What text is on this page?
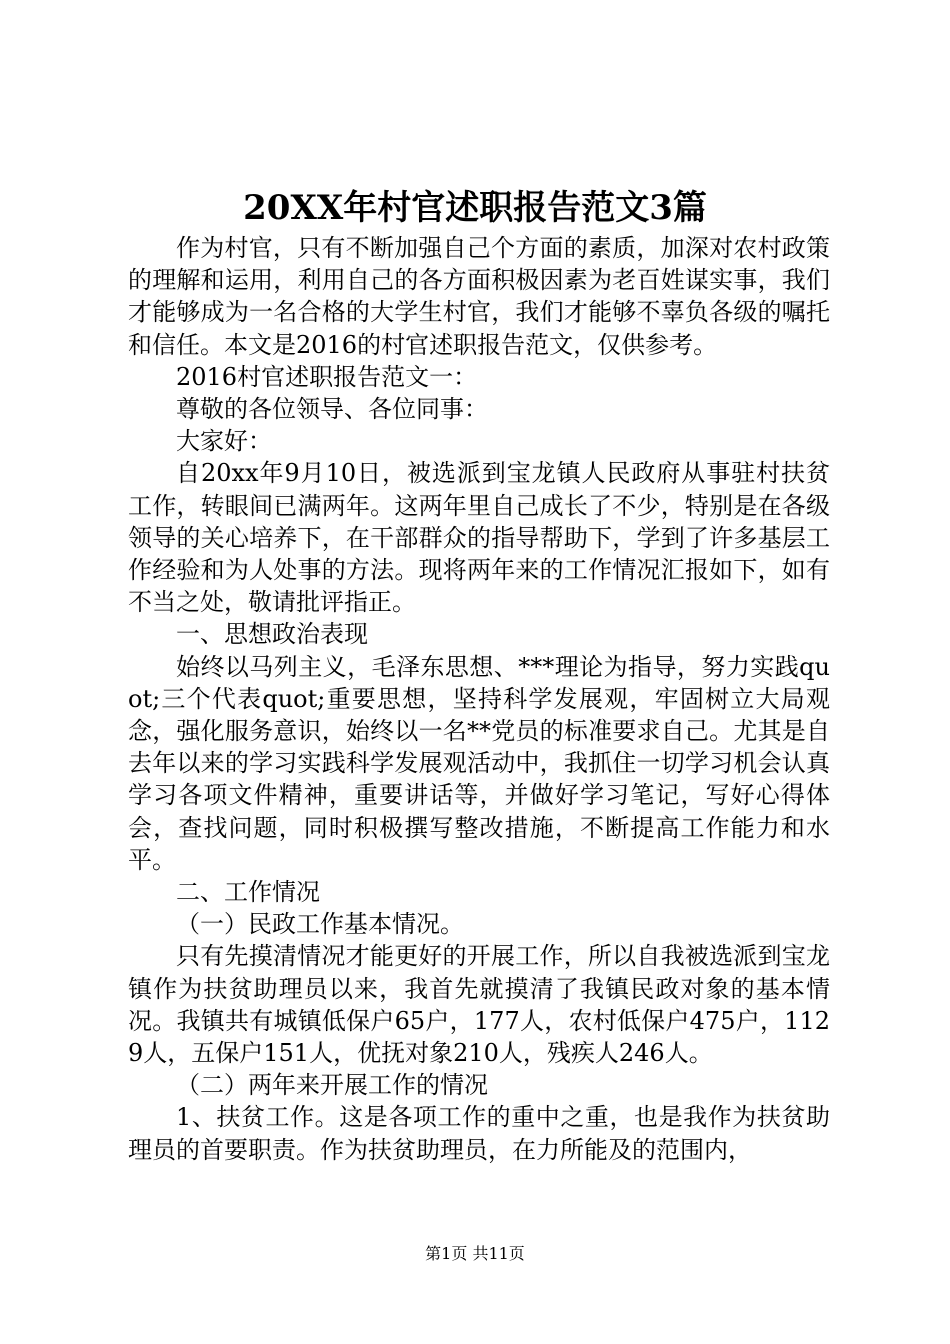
20XX年村官述职报告范文3篇

作为村官，只有不断加强自己个方面的素质，加深对农村政策的理解和运用，利用自己的各方面积极因素为老百姓谋实事，我们才能够成为一名合格的大学生村官，我们才能够不辜负各级的嘱托和信任。本文是2016的村官述职报告范文，仅供参考。

2016村官述职报告范文一：

尊敬的各位领导、各位同事：

大家好：

自20xx年9月10日，被选派到宝龙镇人民政府从事驻村扶贫工作，转眼间已满两年。这两年里自己成长了不少，特别是在各级领导的关心培养下，在干部群众的指导帮助下，学到了许多基层工作经验和为人处事的方法。现将两年来的工作情况汇报如下，如有不当之处，敬请批评指正。

一、思想政治表现

始终以马列主义，毛泽东思想、***理论为指导，努力实践quot;三个代表quot;重要思想，坚持科学发展观，牢固树立大局观念，强化服务意识，始终以一名**党员的标准要求自己。尤其是自去年以来的学习实践科学发展观活动中，我抓住一切学习机会认真学习各项文件精神，重要讲话等，并做好学习笔记，写好心得体会，查找问题，同时积极撰写整改措施，不断提高工作能力和水平。

二、工作情况

（一）民政工作基本情况。

只有先摸清情况才能更好的开展工作，所以自我被选派到宝龙镇作为扶贫助理员以来，我首先就摸清了我镇民政对象的基本情况。我镇共有城镇低保户65户，177人，农村低保户475户，1129人，五保户151人，优抚对象210人，残疾人246人。

（二）两年来开展工作的情况

1、扶贫工作。这是各项工作的重中之重，也是我作为扶贫助理员的首要职责。作为扶贫助理员，在力所能及的范围内，

第1页 共11页
